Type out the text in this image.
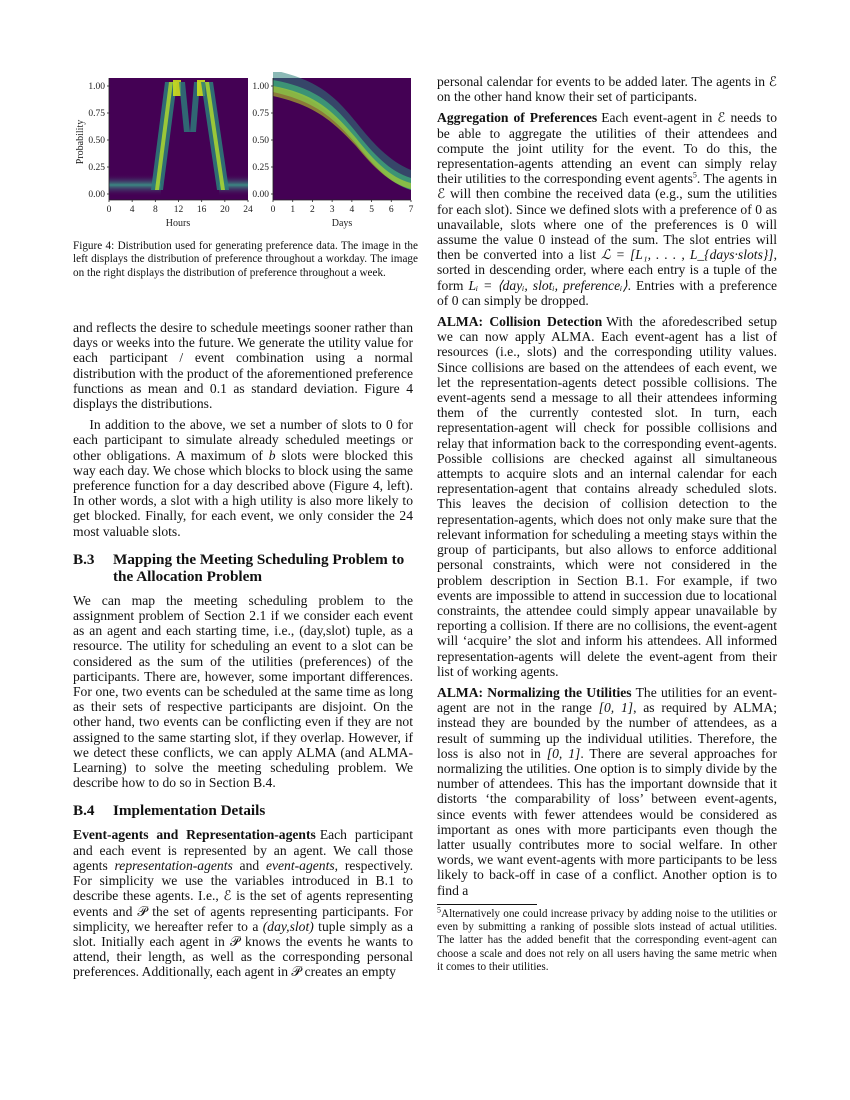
0.00
0.25
0.50
0.75
1.00
0 4 8 12 16 20 24
Probability
Hours
0.00
0.25
0.50
0.75
1.00
0 1 2 3 4 5 6 7
Days

Figure 4: Distribution used for generating preference data. The image in the left displays the distribution of preference throughout a workday. The image on the right displays the distribution of preference throughout a week.

and reflects the desire to schedule meetings sooner rather than days or weeks into the future. We generate the utility value for each participant / event combination using a normal distribution with the product of the aforementioned preference functions as mean and 0.1 as standard deviation. Figure 4 displays the distributions.

In addition to the above, we set a number of slots to 0 for each participant to simulate already scheduled meetings or other obligations. A maximum of b slots were blocked this way each day. We chose which blocks to block using the same preference function for a day described above (Figure 4, left). In other words, a slot with a high utility is also more likely to get blocked. Finally, for each event, we only consider the 24 most valuable slots.

B.3	Mapping the Meeting Scheduling Problem to the Allocation Problem

We can map the meeting scheduling problem to the assignment problem of Section 2.1 if we consider each event as an agent and each starting time, i.e., (day,slot) tuple, as a resource. The utility for scheduling an event to a slot can be considered as the sum of the utilities (preferences) of the participants. There are, however, some important differences. For one, two events can be scheduled at the same time as long as their sets of respective participants are disjoint. On the other hand, two events can be conflicting even if they are not assigned to the same starting slot, if they overlap. However, if we detect these conflicts, we can apply ALMA (and ALMA-Learning) to solve the meeting scheduling problem. We describe how to do so in Section B.4.

B.4	Implementation Details

Event-agents and Representation-agents Each participant and each event is represented by an agent. We call those agents representation-agents and event-agents, respectively. For simplicity we use the variables introduced in B.1 to describe these agents. I.e., ℰ is the set of agents representing events and 𝒫 the set of agents representing participants. For simplicity, we hereafter refer to a (day,slot) tuple simply as a slot. Initially each agent in 𝒫 knows the events he wants to attend, their length, as well as the corresponding personal preferences. Additionally, each agent in 𝒫 creates an empty

personal calendar for events to be added later. The agents in ℰ on the other hand know their set of participants.

Aggregation of Preferences Each event-agent in ℰ needs to be able to aggregate the utilities of their attendees and compute the joint utility for the event. To do this, the representation-agents attending an event can simply relay their utilities to the corresponding event agents$^5$. The agents in ℰ will then combine the received data (e.g., sum the utilities for each slot). Since we defined slots with a preference of 0 as unavailable, slots where one of the preferences is 0 will assume the value 0 instead of the sum. The slot entries will then be converted into a list ℒ = [L₁, . . . , L_{days·slots}], sorted in descending order, where each entry is a tuple of the form Lᵢ = ⟨dayᵢ, slotᵢ, preferenceᵢ⟩. Entries with a preference of 0 can simply be dropped.

ALMA: Collision Detection With the aforedescribed setup we can now apply ALMA. Each event-agent has a list of resources (i.e., slots) and the corresponding utility values. Since collisions are based on the attendees of each event, we let the representation-agents detect possible collisions. The event-agents send a message to all their attendees informing them of the currently contested slot. In turn, each representation-agent will check for possible collisions and relay that information back to the corresponding event-agents. Possible collisions are checked against all simultaneous attempts to acquire slots and an internal calendar for each representation-agent that contains already scheduled slots. This leaves the decision of collision detection to the representation-agents, which does not only make sure that the relevant information for scheduling a meeting stays within the group of participants, but also allows to enforce additional personal constraints, which were not considered in the problem description in Section B.1. For example, if two events are impossible to attend in succession due to locational constraints, the attendee could simply appear unavailable by reporting a collision. If there are no collisions, the event-agent will ‘acquire’ the slot and inform his attendees. All informed representation-agents will delete the event-agent from their list of working agents.

ALMA: Normalizing the Utilities The utilities for an event-agent are not in the range [0, 1], as required by ALMA; instead they are bounded by the number of attendees, as a result of summing up the individual utilities. Therefore, the loss is also not in [0, 1]. There are several approaches for normalizing the utilities. One option is to simply divide by the number of attendees. This has the important downside that it distorts ‘the comparability of loss’ between event-agents, since events with fewer attendees would be considered as important as ones with more participants even though the latter usually contributes more to social welfare. In other words, we want event-agents with more participants to be less likely to back-off in case of a conflict. Another option is to find a

$^5$Alternatively one could increase privacy by adding noise to the utilities or even by submitting a ranking of possible slots instead of actual utilities. The latter has the added benefit that the corresponding event-agent can choose a scale and does not rely on all users having the same metric when it comes to their utilities.
